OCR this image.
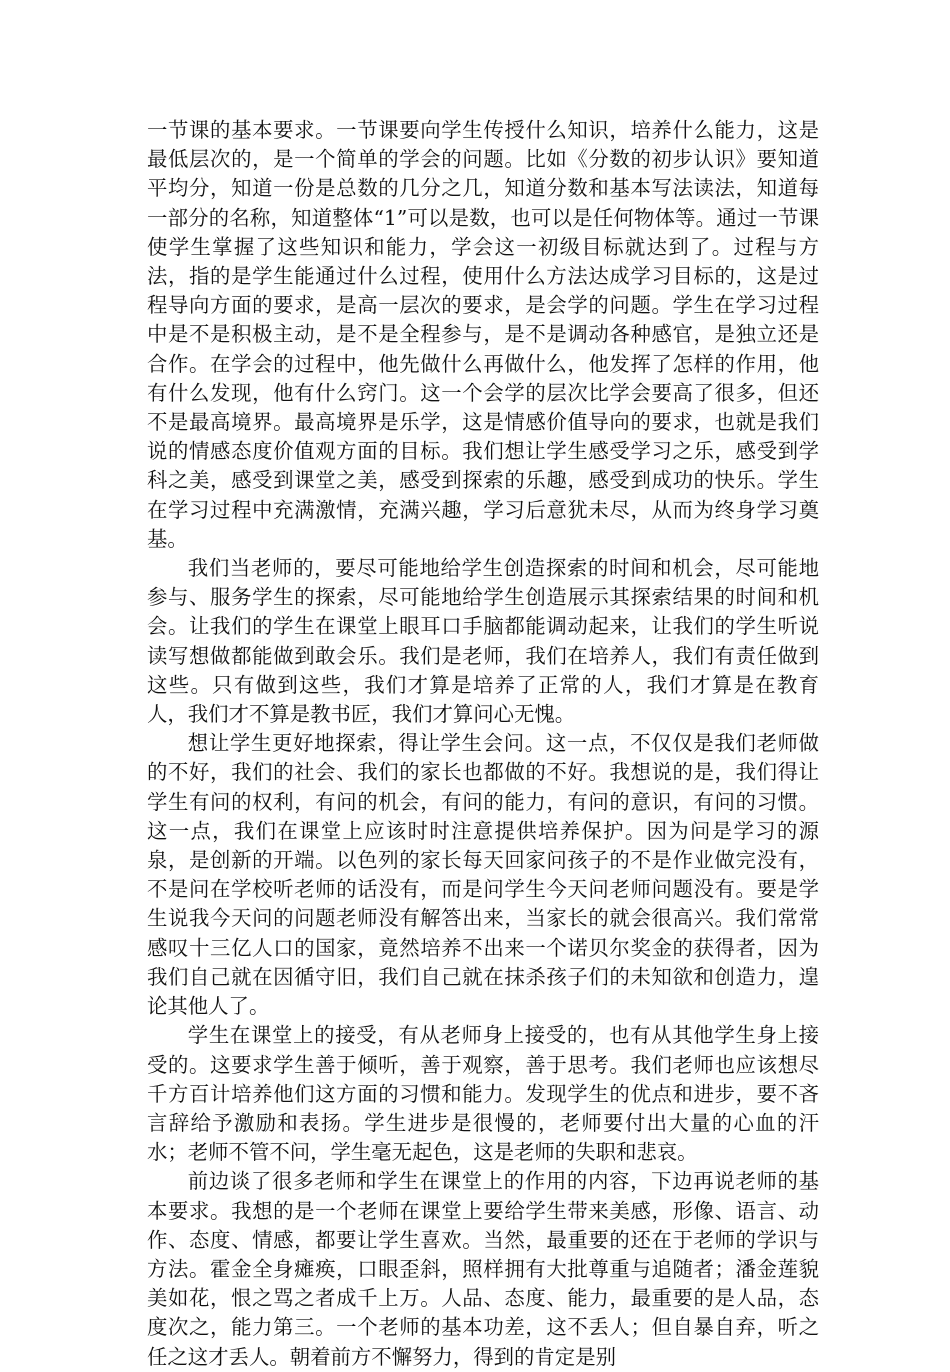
一节课的基本要求。一节课要向学生传授什么知识，培养什么能力，这是最低层次的，是一个简单的学会的问题。比如《分数的初步认识》要知道平均分，知道一份是总数的几分之几，知道分数和基本写法读法，知道每一部分的名称，知道整体“1”可以是数，也可以是任何物体等。通过一节课使学生掌握了这些知识和能力，学会这一初级目标就达到了。过程与方法，指的是学生能通过什么过程，使用什么方法达成学习目标的，这是过程导向方面的要求，是高一层次的要求，是会学的问题。学生在学习过程中是不是积极主动，是不是全程参与，是不是调动各种感官，是独立还是合作。在学会的过程中，他先做什么再做什么，他发挥了怎样的作用，他有什么发现，他有什么窍门。这一个会学的层次比学会要高了很多，但还不是最高境界。最高境界是乐学，这是情感价值导向的要求，也就是我们说的情感态度价值观方面的目标。我们想让学生感受学习之乐，感受到学科之美，感受到课堂之美，感受到探索的乐趣，感受到成功的快乐。学生在学习过程中充满激情，充满兴趣，学习后意犹未尽，从而为终身学习奠基。

我们当老师的，要尽可能地给学生创造探索的时间和机会，尽可能地参与、服务学生的探索，尽可能地给学生创造展示其探索结果的时间和机会。让我们的学生在课堂上眼耳口手脑都能调动起来，让我们的学生听说读写想做都能做到敢会乐。我们是老师，我们在培养人，我们有责任做到这些。只有做到这些，我们才算是培养了正常的人，我们才算是在教育人，我们才不算是教书匠，我们才算问心无愧。

想让学生更好地探索，得让学生会问。这一点，不仅仅是我们老师做的不好，我们的社会、我们的家长也都做的不好。我想说的是，我们得让学生有问的权利，有问的机会，有问的能力，有问的意识，有问的习惯。这一点，我们在课堂上应该时时注意提供培养保护。因为问是学习的源泉，是创新的开端。以色列的家长每天回家问孩子的不是作业做完没有，不是问在学校听老师的话没有，而是问学生今天问老师问题没有。要是学生说我今天问的问题老师没有解答出来，当家长的就会很高兴。我们常常感叹十三亿人口的国家，竟然培养不出来一个诺贝尔奖金的获得者，因为我们自己就在因循守旧，我们自己就在抹杀孩子们的未知欲和创造力，遑论其他人了。

学生在课堂上的接受，有从老师身上接受的，也有从其他学生身上接受的。这要求学生善于倾听，善于观察，善于思考。我们老师也应该想尽千方百计培养他们这方面的习惯和能力。发现学生的优点和进步，要不吝言辞给予激励和表扬。学生进步是很慢的，老师要付出大量的心血的汗水；老师不管不问，学生毫无起色，这是老师的失职和悲哀。

前边谈了很多老师和学生在课堂上的作用的内容，下边再说老师的基本要求。我想的是一个老师在课堂上要给学生带来美感，形像、语言、动作、态度、情感，都要让学生喜欢。当然，最重要的还在于老师的学识与方法。霍金全身瘫痪，口眼歪斜，照样拥有大批尊重与追随者；潘金莲貌美如花，恨之骂之者成千上万。人品、态度、能力，最重要的是人品，态度次之，能力第三。一个老师的基本功差，这不丢人；但自暴自弃，听之任之这才丢人。朝着前方不懈努力，得到的肯定是别
